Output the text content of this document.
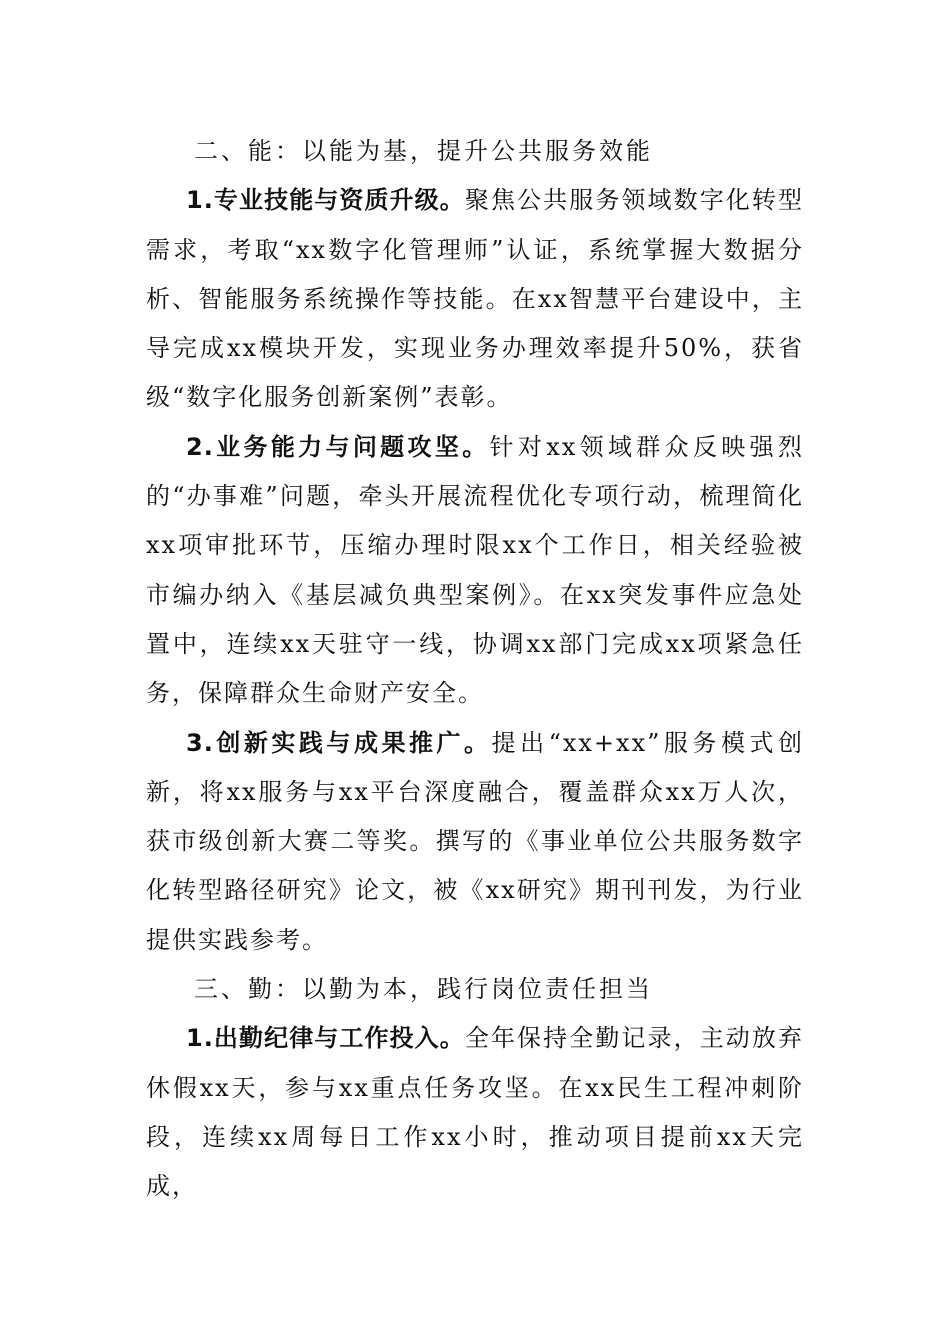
二、能：以能为基，提升公共服务效能

1.专业技能与资质升级。聚焦公共服务领域数字化转型需求，考取“xx数字化管理师”认证，系统掌握大数据分析、智能服务系统操作等技能。在xx智慧平台建设中，主导完成xx模块开发，实现业务办理效率提升50%，获省级“数字化服务创新案例”表彰。

2.业务能力与问题攻坚。针对xx领域群众反映强烈的“办事难”问题，牵头开展流程优化专项行动，梳理简化xx项审批环节，压缩办理时限xx个工作日，相关经验被市编办纳入《基层减负典型案例》。在xx突发事件应急处置中，连续xx天驻守一线，协调xx部门完成xx项紧急任务，保障群众生命财产安全。

3.创新实践与成果推广。提出“xx+xx”服务模式创新，将xx服务与xx平台深度融合，覆盖群众xx万人次，获市级创新大赛二等奖。撰写的《事业单位公共服务数字化转型路径研究》论文，被《xx研究》期刊刊发，为行业提供实践参考。

三、勤：以勤为本，践行岗位责任担当

1.出勤纪律与工作投入。全年保持全勤记录，主动放弃休假xx天，参与xx重点任务攻坚。在xx民生工程冲刺阶段，连续xx周每日工作xx小时，推动项目提前xx天完成，
